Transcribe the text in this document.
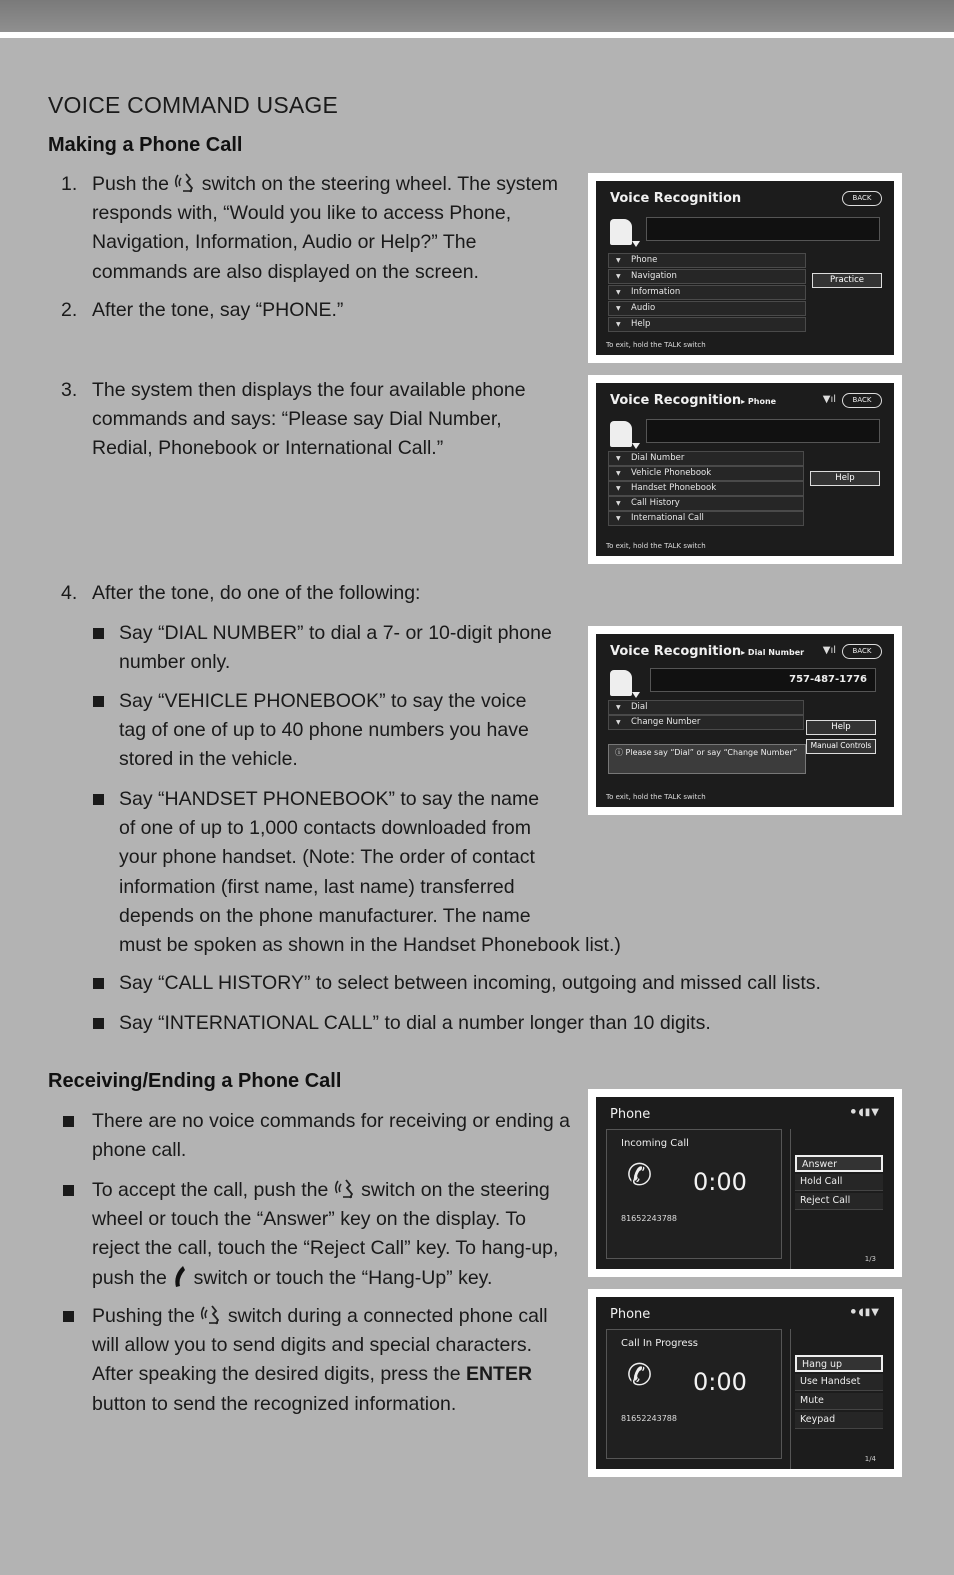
VOICE COMMAND USAGE
Making a Phone Call
1. Push the  switch on the steering wheel. The system
responds with, “Would you like to access Phone,
Navigation, Information, Audio or Help?” The
commands are also displayed on the screen.
2. After the tone, say “PHONE.”
3. The system then displays the four available phone
commands and says: “Please say Dial Number,
Redial, Phonebook or International Call.”
4. After the tone, do one of the following:
Say “DIAL NUMBER” to dial a 7- or 10-digit phone
number only.
Say “VEHICLE PHONEBOOK” to say the voice
tag of one of up to 40 phone numbers you have
stored in the vehicle.
Say “HANDSET PHONEBOOK” to say the name
of one of up to 1,000 contacts downloaded from
your phone handset. (Note: The order of contact
information (first name, last name) transferred
depends on the phone manufacturer. The name
must be spoken as shown in the Handset Phonebook list.)
Say “CALL HISTORY” to select between incoming, outgoing and missed call lists.
Say “INTERNATIONAL CALL” to dial a number longer than 10 digits.
Receiving/Ending a Phone Call
There are no voice commands for receiving or ending a
phone call.
To accept the call, push the  switch on the steering
wheel or touch the “Answer” key on the display. To
reject the call, touch the “Reject Call” key. To hang-up,
push the  switch or touch the “Hang-Up” key.
Pushing the  switch during a connected phone call
will allow you to send digits and special characters.
After speaking the desired digits, press the ENTER
button to send the recognized information.
Voice Recognition	BACK
▼ Phone
▼ Navigation
▼ Information
▼ Audio
▼ Help
Practice
To exit, hold the TALK switch
Voice Recognition▸ Phone	▼ıl	BACK
▼ Dial Number
▼ Vehicle Phonebook
▼ Handset Phonebook
▼ Call History
▼ International Call
Help
To exit, hold the TALK switch
Voice Recognition▸ Dial Number ▼ıl	BACK
757-487-1776
▼ Dial
▼ Change Number	Help
Manual Controls
ⓘ Please say “Dial” or say “Change Number”
To exit, hold the TALK switch
Phone	⚫◖▮▼
Incoming Call
✆ 0:00
81652243788
Answer
Hold Call
Reject Call
1/3
Phone	⚫◖▮▼
Call In Progress
✆ 0:00
81652243788
Hang up
Use Handset
Mute
Keypad
1/4
